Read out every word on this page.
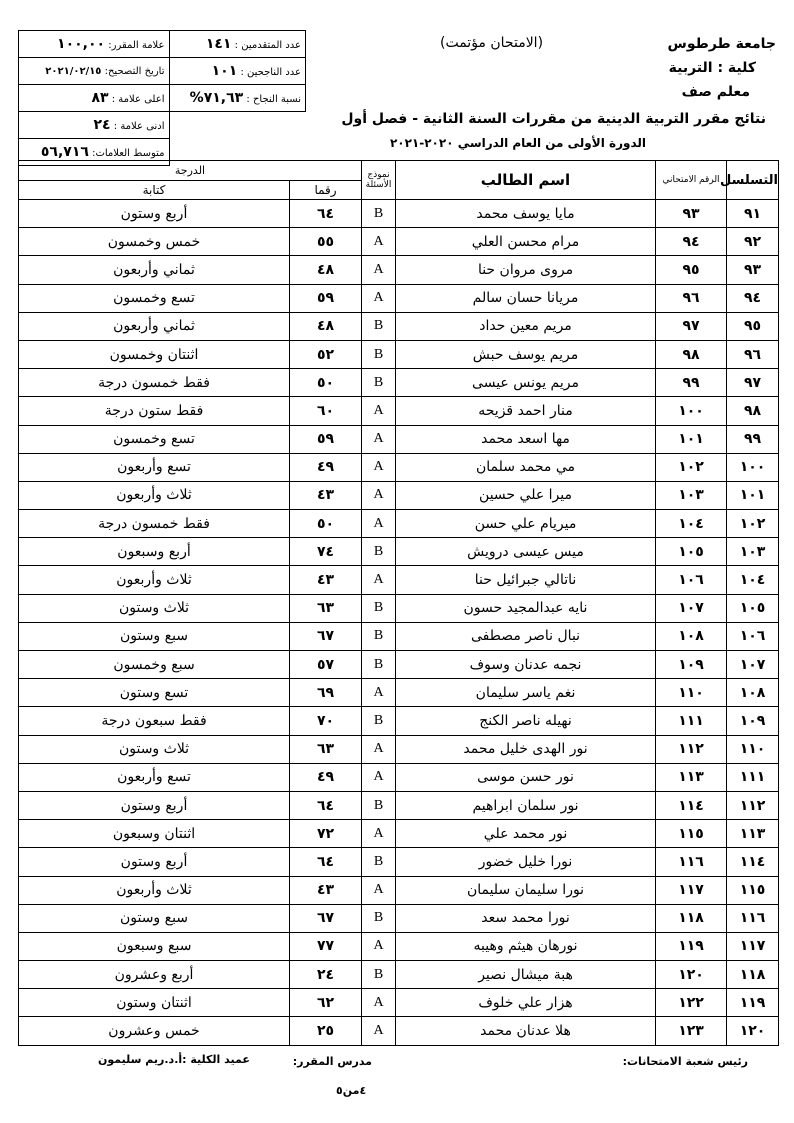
جامعة طرطوس
كلية : التربية
معلم صف
(الامتحان مؤتمت)
عدد المتقدمين : ١٤١	علامة المقرر: ١٠٠,٠٠
عدد الناجحين : ١٠١	تاريخ التصحيح: ٢٠٢١/٠٢/١٥
نسبة النجاح : ٧١,٦٣%	اعلى علامة : ٨٣
	ادنى علامة : ٢٤
	متوسط العلامات: ٥٦,٧١٦
نتائج مقرر التربية الدينية من مقررات السنة الثانية - فصل أول
الدورة الأولى من العام الدراسي ٢٠٢٠-٢٠٢١
التسلسل	الرقم الامتحاني	اسم الطالب	نموذج الأسئلة	الدرجة	
				رقما	كتابة
٩١	٩٣	مايا يوسف محمد	B	٦٤	أربع وستون
٩٢	٩٤	مرام محسن العلي	A	٥٥	خمس وخمسون
٩٣	٩٥	مروى مروان حنا	A	٤٨	ثماني وأربعون
٩٤	٩٦	مريانا حسان سالم	A	٥٩	تسع وخمسون
٩٥	٩٧	مريم معين حداد	B	٤٨	ثماني وأربعون
٩٦	٩٨	مريم يوسف حبش	B	٥٢	اثنتان وخمسون
٩٧	٩٩	مريم يونس عيسى	B	٥٠	فقط خمسون درجة
٩٨	١٠٠	منار احمد قزيحه	A	٦٠	فقط ستون درجة
٩٩	١٠١	مها اسعد محمد	A	٥٩	تسع وخمسون
١٠٠	١٠٢	مي محمد سلمان	A	٤٩	تسع وأربعون
١٠١	١٠٣	ميرا علي حسين	A	٤٣	ثلاث وأربعون
١٠٢	١٠٤	ميريام علي حسن	A	٥٠	فقط خمسون درجة
١٠٣	١٠٥	ميس عيسى درويش	B	٧٤	أربع وسبعون
١٠٤	١٠٦	ناتالي جبرائيل حنا	A	٤٣	ثلاث وأربعون
١٠٥	١٠٧	نايه عبدالمجيد حسون	B	٦٣	ثلاث وستون
١٠٦	١٠٨	نبال ناصر مصطفى	B	٦٧	سبع وستون
١٠٧	١٠٩	نجمه عدنان وسوف	B	٥٧	سبع وخمسون
١٠٨	١١٠	نغم ياسر سليمان	A	٦٩	تسع وستون
١٠٩	١١١	نهيله ناصر الكنج	B	٧٠	فقط سبعون درجة
١١٠	١١٢	نور الهدى خليل محمد	A	٦٣	ثلاث وستون
١١١	١١٣	نور حسن موسى	A	٤٩	تسع وأربعون
١١٢	١١٤	نور سلمان ابراهيم	B	٦٤	أربع وستون
١١٣	١١٥	نور محمد علي	A	٧٢	اثنتان وسبعون
١١٤	١١٦	نورا خليل خضور	B	٦٤	أربع وستون
١١٥	١١٧	نورا سليمان سليمان	A	٤٣	ثلاث وأربعون
١١٦	١١٨	نورا محمد سعد	B	٦٧	سبع وستون
١١٧	١١٩	نورهان هيثم وهيبه	A	٧٧	سبع وسبعون
١١٨	١٢٠	هبة ميشال نصير	B	٢٤	أربع وعشرون
١١٩	١٢٢	هزار علي خلوف	A	٦٢	اثنتان وستون
١٢٠	١٢٣	هلا عدنان محمد	A	٢٥	خمس وعشرون
رئيس شعبة الامتحانات:
مدرس المقرر:
عميد الكلية :أ.د.ريم سليمون
٤من٥
